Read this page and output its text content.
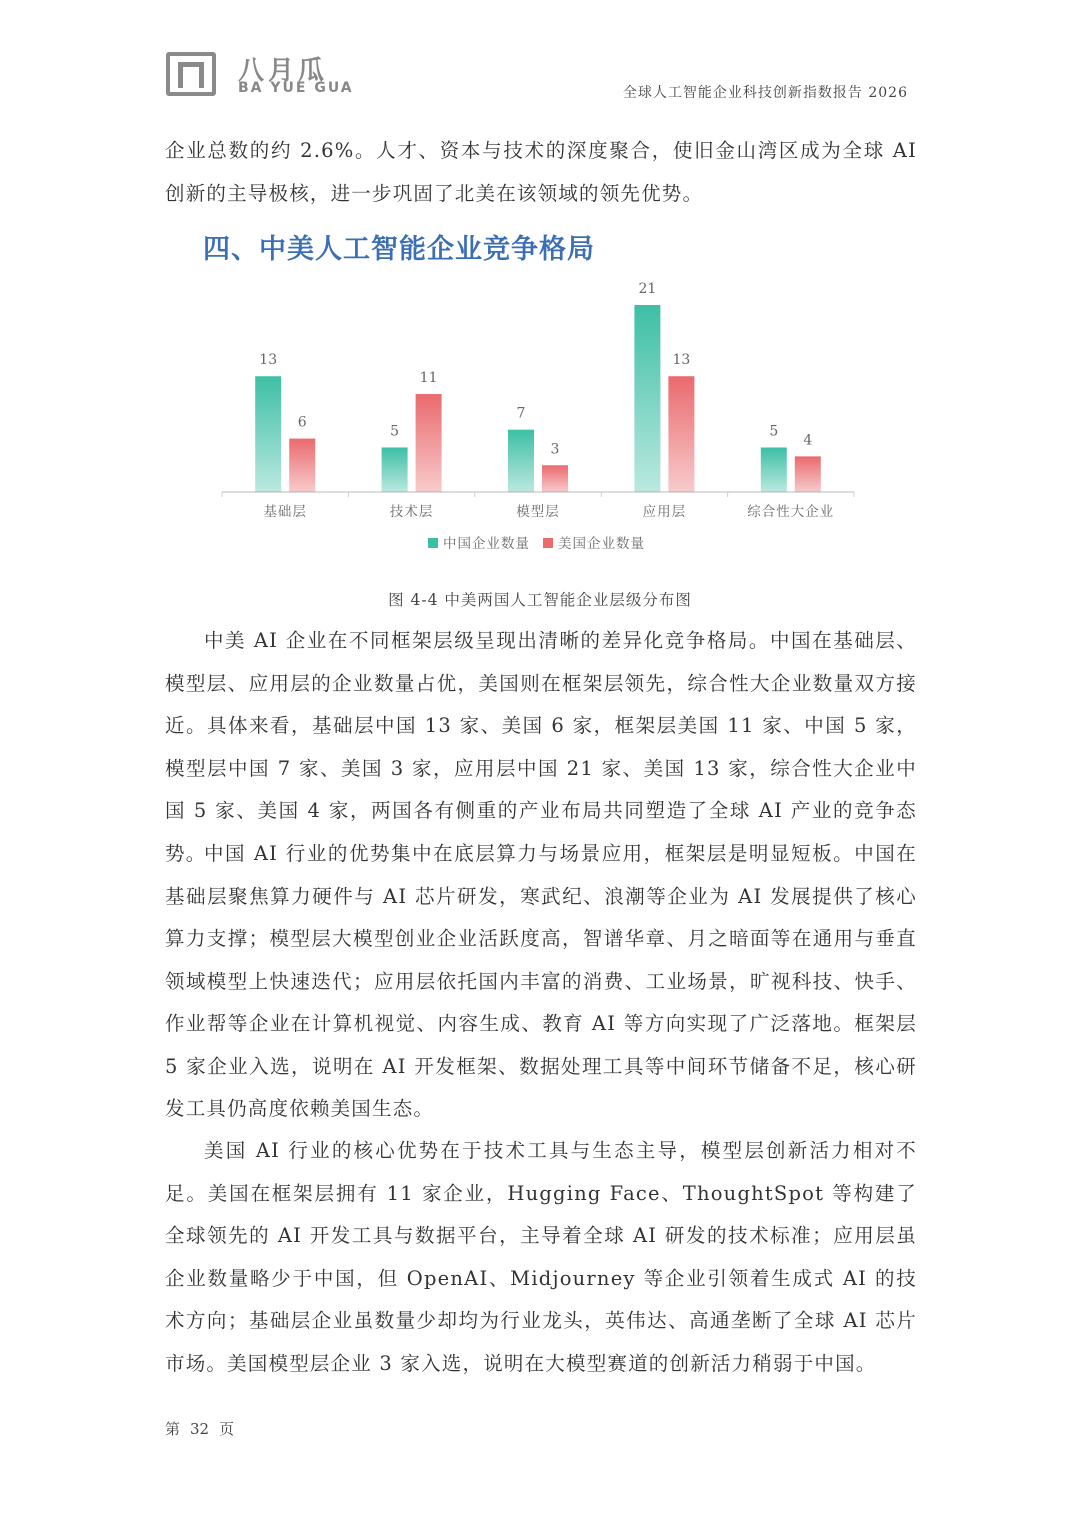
八月瓜
BA YUE GUA	全球人工智能企业科技创新指数报告 2026
企业总数的约 2.6%。人才、资本与技术的深度聚合，使旧金山湾区成为全球 AI 创新的主导极核，进一步巩固了北美在该领域的领先优势。
四、中美人工智能企业竞争格局
13
6
基础层
5
11
技术层
7
3
模型层
21
13
应用层
5
4
综合性大企业
中国企业数量 美国企业数量
图 4-4 中美两国人工智能企业层级分布图
中美 AI 企业在不同框架层级呈现出清晰的差异化竞争格局。中国在基础层、模型层、应用层的企业数量占优，美国则在框架层领先，综合性大企业数量双方接近。具体来看，基础层中国 13 家、美国 6 家，框架层美国 11 家、中国 5 家，模型层中国 7 家、美国 3 家，应用层中国 21 家、美国 13 家，综合性大企业中国 5 家、美国 4 家，两国各有侧重的产业布局共同塑造了全球 AI 产业的竞争态势。
中国 AI 行业的优势集中在底层算力与场景应用，框架层是明显短板。中国在基础层聚焦算力硬件与 AI 芯片研发，寒武纪、浪潮等企业为 AI 发展提供了核心算力支撑；模型层大模型创业企业活跃度高，智谱华章、月之暗面等在通用与垂直领域模型上快速迭代；应用层依托国内丰富的消费、工业场景，旷视科技、快手、作业帮等企业在计算机视觉、内容生成、教育 AI 等方向实现了广泛落地。框架层 5 家企业入选，说明在 AI 开发框架、数据处理工具等中间环节储备不足，核心研发工具仍高度依赖美国生态。
美国 AI 行业的核心优势在于技术工具与生态主导，模型层创新活力相对不足。美国在框架层拥有 11 家企业，Hugging Face、ThoughtSpot 等构建了全球领先的 AI 开发工具与数据平台，主导着全球 AI 研发的技术标准；应用层虽企业数量略少于中国，但 OpenAI、Midjourney 等企业引领着生成式 AI 的技术方向；基础层企业虽数量少却均为行业龙头，英伟达、高通垄断了全球 AI 芯片市场。美国模型层企业 3 家入选，说明在大模型赛道的创新活力稍弱于中国。
第 32 页
